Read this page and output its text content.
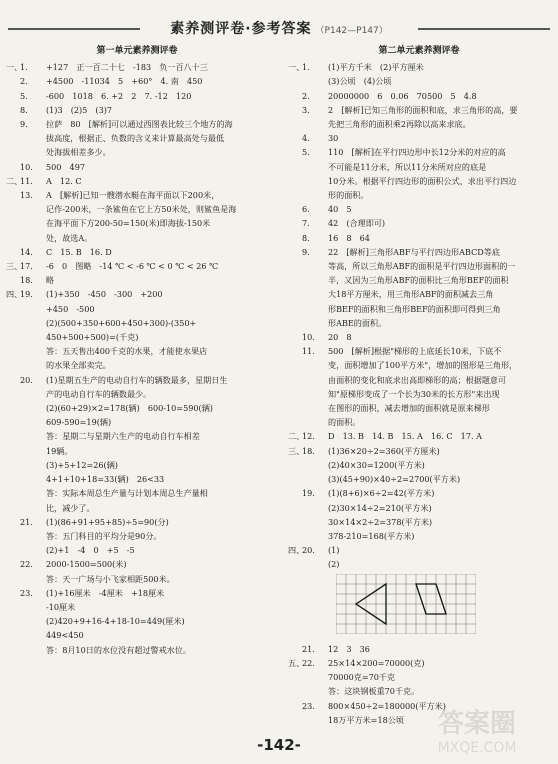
素养测评卷·参考答案 （P142—P147）
第一单元素养测评卷
一、
1.	+127　正一百二十七　-183　负一百八十三
2.	+4500　-11034　5　+60°　4. 南　450
5.	-600　1018　6. +2　2　7. -12　120
8.	(1)3　(2)5　(3)7
9.	拉萨　80　[解析]可以通过西图表比较三个地方的海
拔高度，根据正、负数的含义来计算最高处与最低
处海拔相差多少。
10.	500　497
二、
11.	A　12. C
13.	A　[解析]已知一艘潜水艇在海平面以下200米，
记作-200米，一条鲨鱼在它上方50米处，则鲨鱼是海
在海平面下方200-50=150(米)即海拔-150米
处，故选A。
14.	C　15. B　16. D
三、
17.	-6　0　图略　-14 ℃ < -6 ℃ < 0 ℃ < 26 ℃
18.	略
四、
19.	(1)+350　-450　-300　+200
+450　-500
(2)(500+350+600+450+300)-(350+
450+500+500)=(千克)
答：五天售出400千克的水果，才能使水果店
的水果全部卖完。
20.	(1)星期五生产的电动自行车的辆数最多，星期日生
产的电动自行车的辆数最少。
(2)(60+29)×2=178(辆)　600-10=590(辆)
609-590=19(辆)
答：星期二与星期六生产的电动自行车相差
19辆。
(3)+5+12=26(辆)
4+1+10+18=33(辆)　26<33
答：实际本周总生产量与计划本周总生产量相
比，减少了。
21.	(1)(86+91+95+85)÷5=90(分)
答：五门科目的平均分是90分。
(2)+1　-4　0　+5　-5
22.	2000-1500=500(米)
答：天一广场与小飞家相距500米。
23.	(1)+16厘米　-4厘米　+18厘米
-10厘米
(2)420+9+16-4+18-10=449(厘米)
449<450
答：8月10日的水位没有超过警戒水位。
第二单元素养测评卷
一、
1.	(1)平方千米　(2)平方厘米
(3)公顷　(4)公顷
2.	20000000　6　0.06　70500　5　4.8
3.	2　[解析]已知三角形的面积和底，求三角形的高，要
先把三角形的面积乘2再除以高来求底。
4.	30
5.	110　[解析]在平行四边形中长12分米的对应的高
不可能是11分米，所以11分米所对应的底是
10分米。根据平行四边形的面积公式，求出平行四边
形的面积。
6.	40　5
7.	42　(合理即可)
8.	16　8　64
9.	22　[解析]三角形ABF与平行四边形ABCD等底
等高，所以三角形ABF的面积是平行四边形面积的一
半，又因为三角形ABF的面积比三角形BEF的面积
大18平方厘米，用三角形ABF的面积减去三角
形BEF的面积和三角形BEF的面积即可得到三角
形ABE的面积。
10.	20　8
11.	500　[解析]根据"梯形的上底延长10米，下底不
变，面积增加了100平方米"，增加的图形是三角形，
由面积的变化和底求出高即梯形的高；根据题意可
知"原梯形变成了一个长为30米的长方形"来出现
在图形的面积，减去增加的面积就是原来梯形
的面积。
二、
12.	D　13. B　14. B　15. A　16. C　17. A
三、
18.	(1)36×20÷2=360(平方厘米)
(2)40×30=1200(平方米)
(3)(45+90)×40÷2=2700(平方米)
19.	(1)(8+6)×6÷2=42(平方米)
(2)30×14÷2=210(平方米)
30×14×2÷2=378(平方米)
378-210=168(平方米)
四、
20.	(1)
(2)
21.	12　3　36
五、
22.	25×14×200=70000(克)
70000克=70千克
答：这块钢板重70千克。
23.	800×450÷2=180000(平方米)
18万平方米=18公顷
-142-
答案圈
MXQE.COM
